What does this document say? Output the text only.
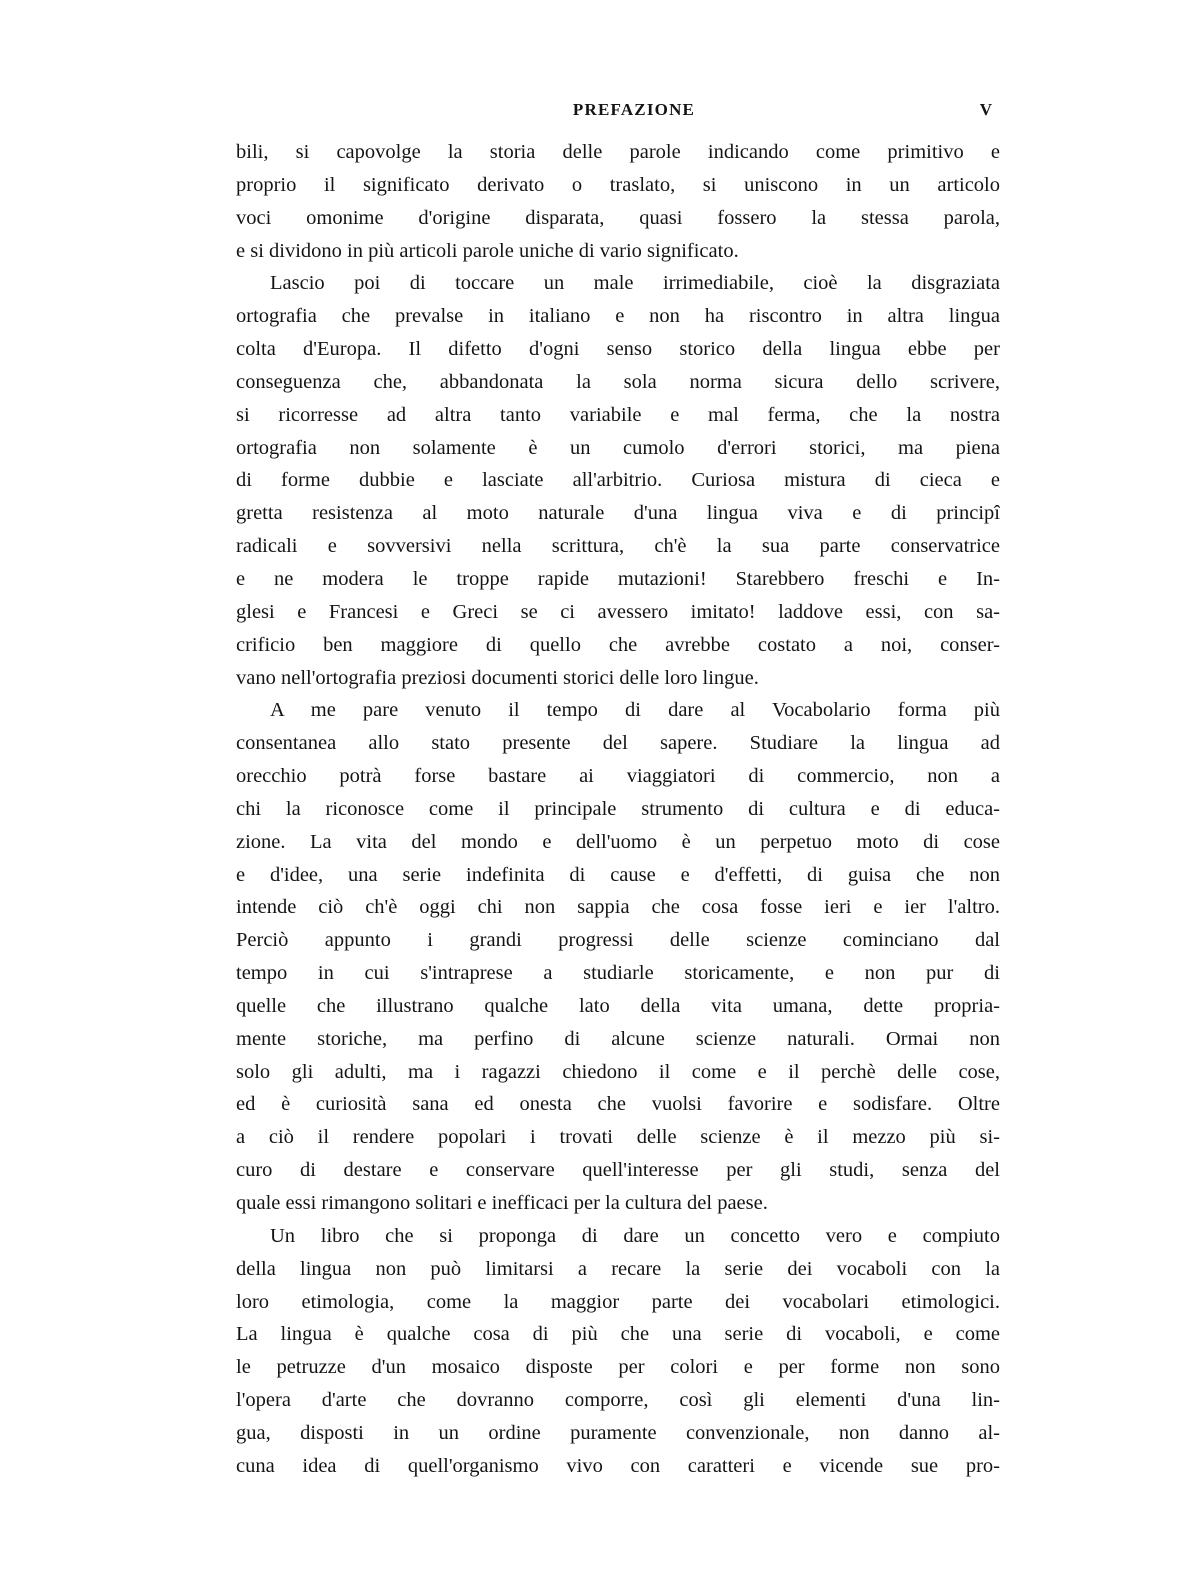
PREFAZIONE	V
bili, si capovolge la storia delle parole indicando come primitivo e
proprio il significato derivato o traslato, si uniscono in un articolo
voci omonime d'origine disparata, quasi fossero la stessa parola,
e si dividono in più articoli parole uniche di vario significato.
Lascio poi di toccare un male irrimediabile, cioè la disgraziata
ortografia che prevalse in italiano e non ha riscontro in altra lingua
colta d'Europa. Il difetto d'ogni senso storico della lingua ebbe per
conseguenza che, abbandonata la sola norma sicura dello scrivere,
si ricorresse ad altra tanto variabile e mal ferma, che la nostra
ortografia non solamente è un cumolo d'errori storici, ma piena
di forme dubbie e lasciate all'arbitrio. Curiosa mistura di cieca e
gretta resistenza al moto naturale d'una lingua viva e di principî
radicali e sovversivi nella scrittura, ch'è la sua parte conservatrice
e ne modera le troppe rapide mutazioni! Starebbero freschi e In-
glesi e Francesi e Greci se ci avessero imitato! laddove essi, con sa-
crificio ben maggiore di quello che avrebbe costato a noi, conser-
vano nell'ortografia preziosi documenti storici delle loro lingue.
A me pare venuto il tempo di dare al Vocabolario forma più
consentanea allo stato presente del sapere. Studiare la lingua ad
orecchio potrà forse bastare ai viaggiatori di commercio, non a
chi la riconosce come il principale strumento di cultura e di educa-
zione. La vita del mondo e dell'uomo è un perpetuo moto di cose
e d'idee, una serie indefinita di cause e d'effetti, di guisa che non
intende ciò ch'è oggi chi non sappia che cosa fosse ieri e ier l'altro.
Perciò appunto i grandi progressi delle scienze cominciano dal
tempo in cui s'intraprese a studiarle storicamente, e non pur di
quelle che illustrano qualche lato della vita umana, dette propria-
mente storiche, ma perfino di alcune scienze naturali. Ormai non
solo gli adulti, ma i ragazzi chiedono il come e il perchè delle cose,
ed è curiosità sana ed onesta che vuolsi favorire e sodisfare. Oltre
a ciò il rendere popolari i trovati delle scienze è il mezzo più si-
curo di destare e conservare quell'interesse per gli studi, senza del
quale essi rimangono solitari e inefficaci per la cultura del paese.
Un libro che si proponga di dare un concetto vero e compiuto
della lingua non può limitarsi a recare la serie dei vocaboli con la
loro etimologia, come la maggior parte dei vocabolari etimologici.
La lingua è qualche cosa di più che una serie di vocaboli, e come
le petruzze d'un mosaico disposte per colori e per forme non sono
l'opera d'arte che dovranno comporre, così gli elementi d'una lin-
gua, disposti in un ordine puramente convenzionale, non danno al-
cuna idea di quell'organismo vivo con caratteri e vicende sue pro-
